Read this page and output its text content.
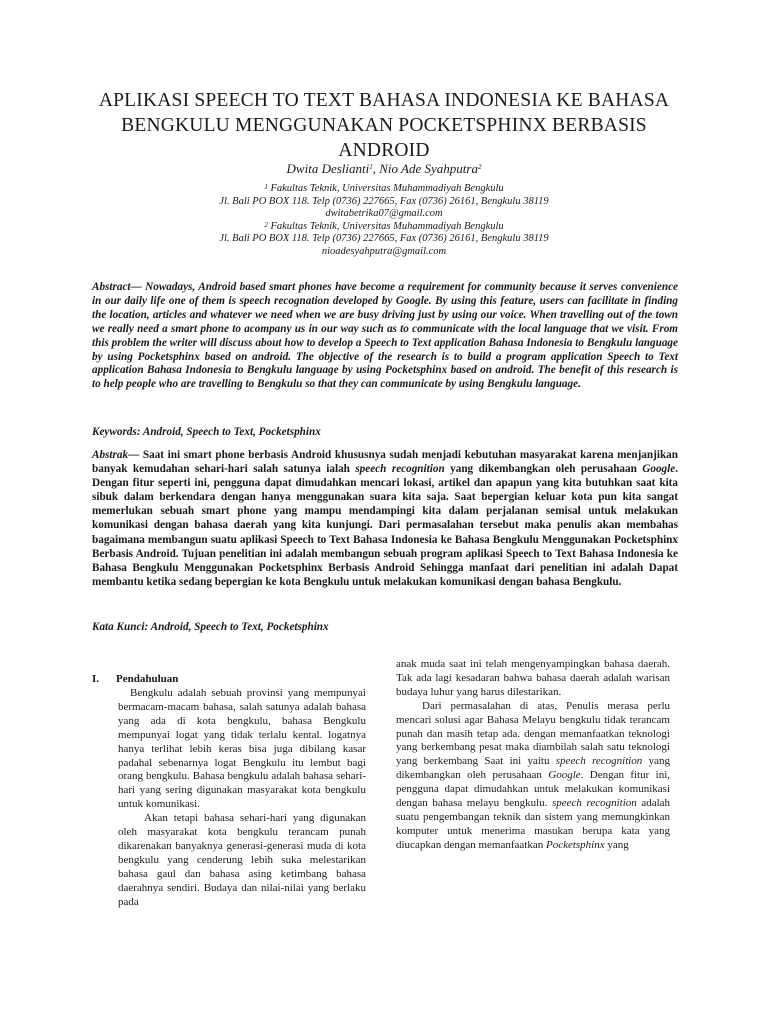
APLIKASI SPEECH TO TEXT BAHASA INDONESIA KE BAHASA BENGKULU MENGGUNAKAN POCKETSPHINX BERBASIS ANDROID
Dwita Deslianti$^1$, Nio Ade Syahputra$^2$
$^1$ Fakultas Teknik, Universitas Muhammadiyah Bengkulu
Jl. Bali PO BOX 118. Telp (0736) 227665, Fax (0736) 26161, Bengkulu 38119
dwitabetrika07@gmail.com
$^2$ Fakultas Teknik, Universitas Muhammadiyah Bengkulu
Jl. Bali PO BOX 118. Telp (0736) 227665, Fax (0736) 26161, Bengkulu 38119
nioadesyahputra@gmail.com
Abstract— Nowadays, Android based smart phones have become a requirement for community because it serves convenience in our daily life one of them is speech recognation developed by Google. By using this feature, users can facilitate in finding the location, articles and whatever we need when we are busy driving just by using our voice. When travelling out of the town we really need a smart phone to acompany us in our way such as to communicate with the local language that we visit. From this problem the writer will discuss about how to develop a Speech to Text application Bahasa Indonesia to Bengkulu language by using Pocketsphinx based on android. The objective of the research is to build a program application Speech to Text application Bahasa Indonesia to Bengkulu language by using Pocketsphinx based on android. The benefit of this research is to help people who are travelling to Bengkulu so that they can communicate by using Bengkulu language.
Keywords: Android, Speech to Text, Pocketsphinx
Abstrak— Saat ini smart phone berbasis Android khususnya sudah menjadi kebutuhan masyarakat karena menjanjikan banyak kemudahan sehari-hari salah satunya ialah speech recognition yang dikembangkan oleh perusahaan Google. Dengan fitur seperti ini, pengguna dapat dimudahkan mencari lokasi, artikel dan apapun yang kita butuhkan saat kita sibuk dalam berkendara dengan hanya menggunakan suara kita saja. Saat bepergian keluar kota pun kita sangat memerlukan sebuah smart phone yang mampu mendampingi kita dalam perjalanan semisal untuk melakukan komunikasi dengan bahasa daerah yang kita kunjungi. Dari permasalahan tersebut maka penulis akan membahas bagaimana membangun suatu aplikasi Speech to Text Bahasa Indonesia ke Bahasa Bengkulu Menggunakan Pocketsphinx Berbasis Android. Tujuan penelitian ini adalah membangun sebuah program aplikasi Speech to Text Bahasa Indonesia ke Bahasa Bengkulu Menggunakan Pocketsphinx Berbasis Android Sehingga manfaat dari penelitian ini adalah Dapat membantu ketika sedang bepergian ke kota Bengkulu untuk melakukan komunikasi dengan bahasa Bengkulu.
Kata Kunci: Android, Speech to Text, Pocketsphinx
I. Pendahuluan

Bengkulu adalah sebuah provinsi yang mempunyai bermacam-macam bahasa, salah satunya adalah bahasa yang ada di kota bengkulu, bahasa Bengkulu mempunyai logat yang tidak terlalu kental. logatnya hanya terlihat lebih keras bisa juga dibilang kasar padahal sebenarnya logat Bengkulu itu lembut bagi orang bengkulu. Bahasa bengkulu adalah bahasa sehari-hari yang sering digunakan masyarakat kota bengkulu untuk komunikasi.

Akan tetapi bahasa sehari-hari yang digunakan oleh masyarakat kota bengkulu terancam punah dikarenakan banyaknya generasi-generasi muda di kota bengkulu yang cenderung lebih suka melestarikan bahasa gaul dan bahasa asing ketimbang bahasa daerahnya sendiri. Budaya dan nilai-nilai yang berlaku pada

anak muda saat ini telah mengenyampingkan bahasa daerah. Tak ada lagi kesadaran bahwa bahasa daerah adalah warisan budaya luhur yang harus dilestarikan.

Dari permasalahan di atas, Penulis merasa perlu mencari solusi agar Bahasa Melayu bengkulu tidak terancam punah dan masih tetap ada. dengan memanfaatkan teknologi yang berkembang pesat maka diambilah salah satu teknologi yang berkembang Saat ini yaitu speech recognition yang dikembangkan oleh perusahaan Google. Dengan fitur ini, pengguna dapat dimudahkan untuk melakukan komunikasi dengan bahasa melayu bengkulu. speech recognition adalah suatu pengembangan teknik dan sistem yang memungkinkan komputer untuk menerima masukan berupa kata yang diucapkan dengan memanfaatkan Pocketsphinx yang
